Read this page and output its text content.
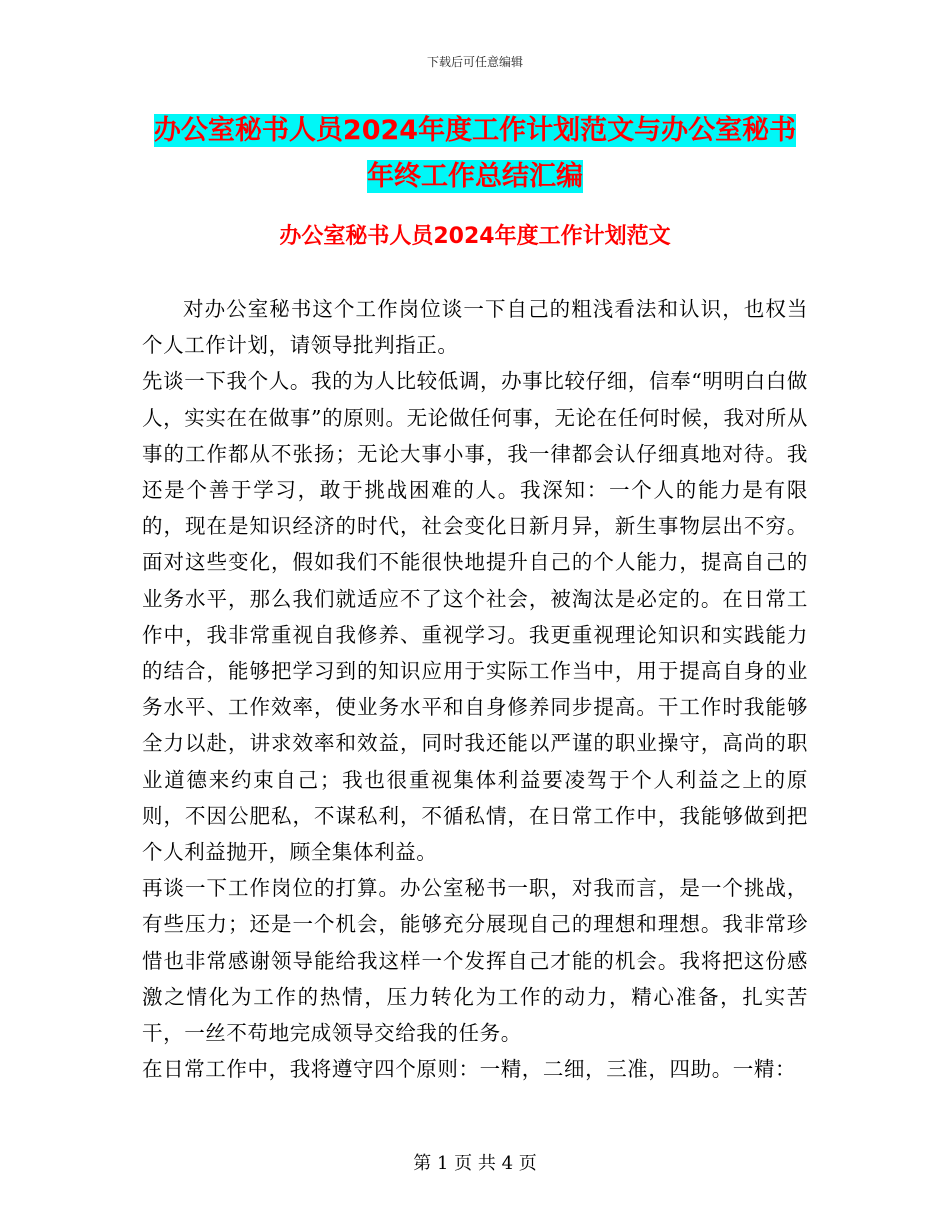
下载后可任意编辑
办公室秘书人员2024年度工作计划范文与办公室秘书
年终工作总结汇编
办公室秘书人员2024年度工作计划范文

对办公室秘书这个工作岗位谈一下自己的粗浅看法和认识，也权当个人工作计划，请领导批判指正。

先谈一下我个人。我的为人比较低调，办事比较仔细，信奉“明明白白做人，实实在在做事”的原则。无论做任何事，无论在任何时候，我对所从事的工作都从不张扬；无论大事小事，我一律都会认仔细真地对待。我还是个善于学习，敢于挑战困难的人。我深知：一个人的能力是有限的，现在是知识经济的时代，社会变化日新月异，新生事物层出不穷。面对这些变化，假如我们不能很快地提升自己的个人能力，提高自己的业务水平，那么我们就适应不了这个社会，被淘汰是必定的。在日常工作中，我非常重视自我修养、重视学习。我更重视理论知识和实践能力的结合，能够把学习到的知识应用于实际工作当中，用于提高自身的业务水平、工作效率，使业务水平和自身修养同步提高。干工作时我能够全力以赴，讲求效率和效益，同时我还能以严谨的职业操守，高尚的职业道德来约束自己；我也很重视集体利益要凌驾于个人利益之上的原则，不因公肥私，不谋私利，不循私情，在日常工作中，我能够做到把个人利益抛开，顾全集体利益。

再谈一下工作岗位的打算。办公室秘书一职，对我而言，是一个挑战，有些压力；还是一个机会，能够充分展现自己的理想和理想。我非常珍惜也非常感谢领导能给我这样一个发挥自己才能的机会。我将把这份感激之情化为工作的热情，压力转化为工作的动力，精心准备，扎实苦干，一丝不苟地完成领导交给我的任务。

在日常工作中，我将遵守四个原则：一精，二细，三准，四助。一精：

第 1 页 共 4 页
